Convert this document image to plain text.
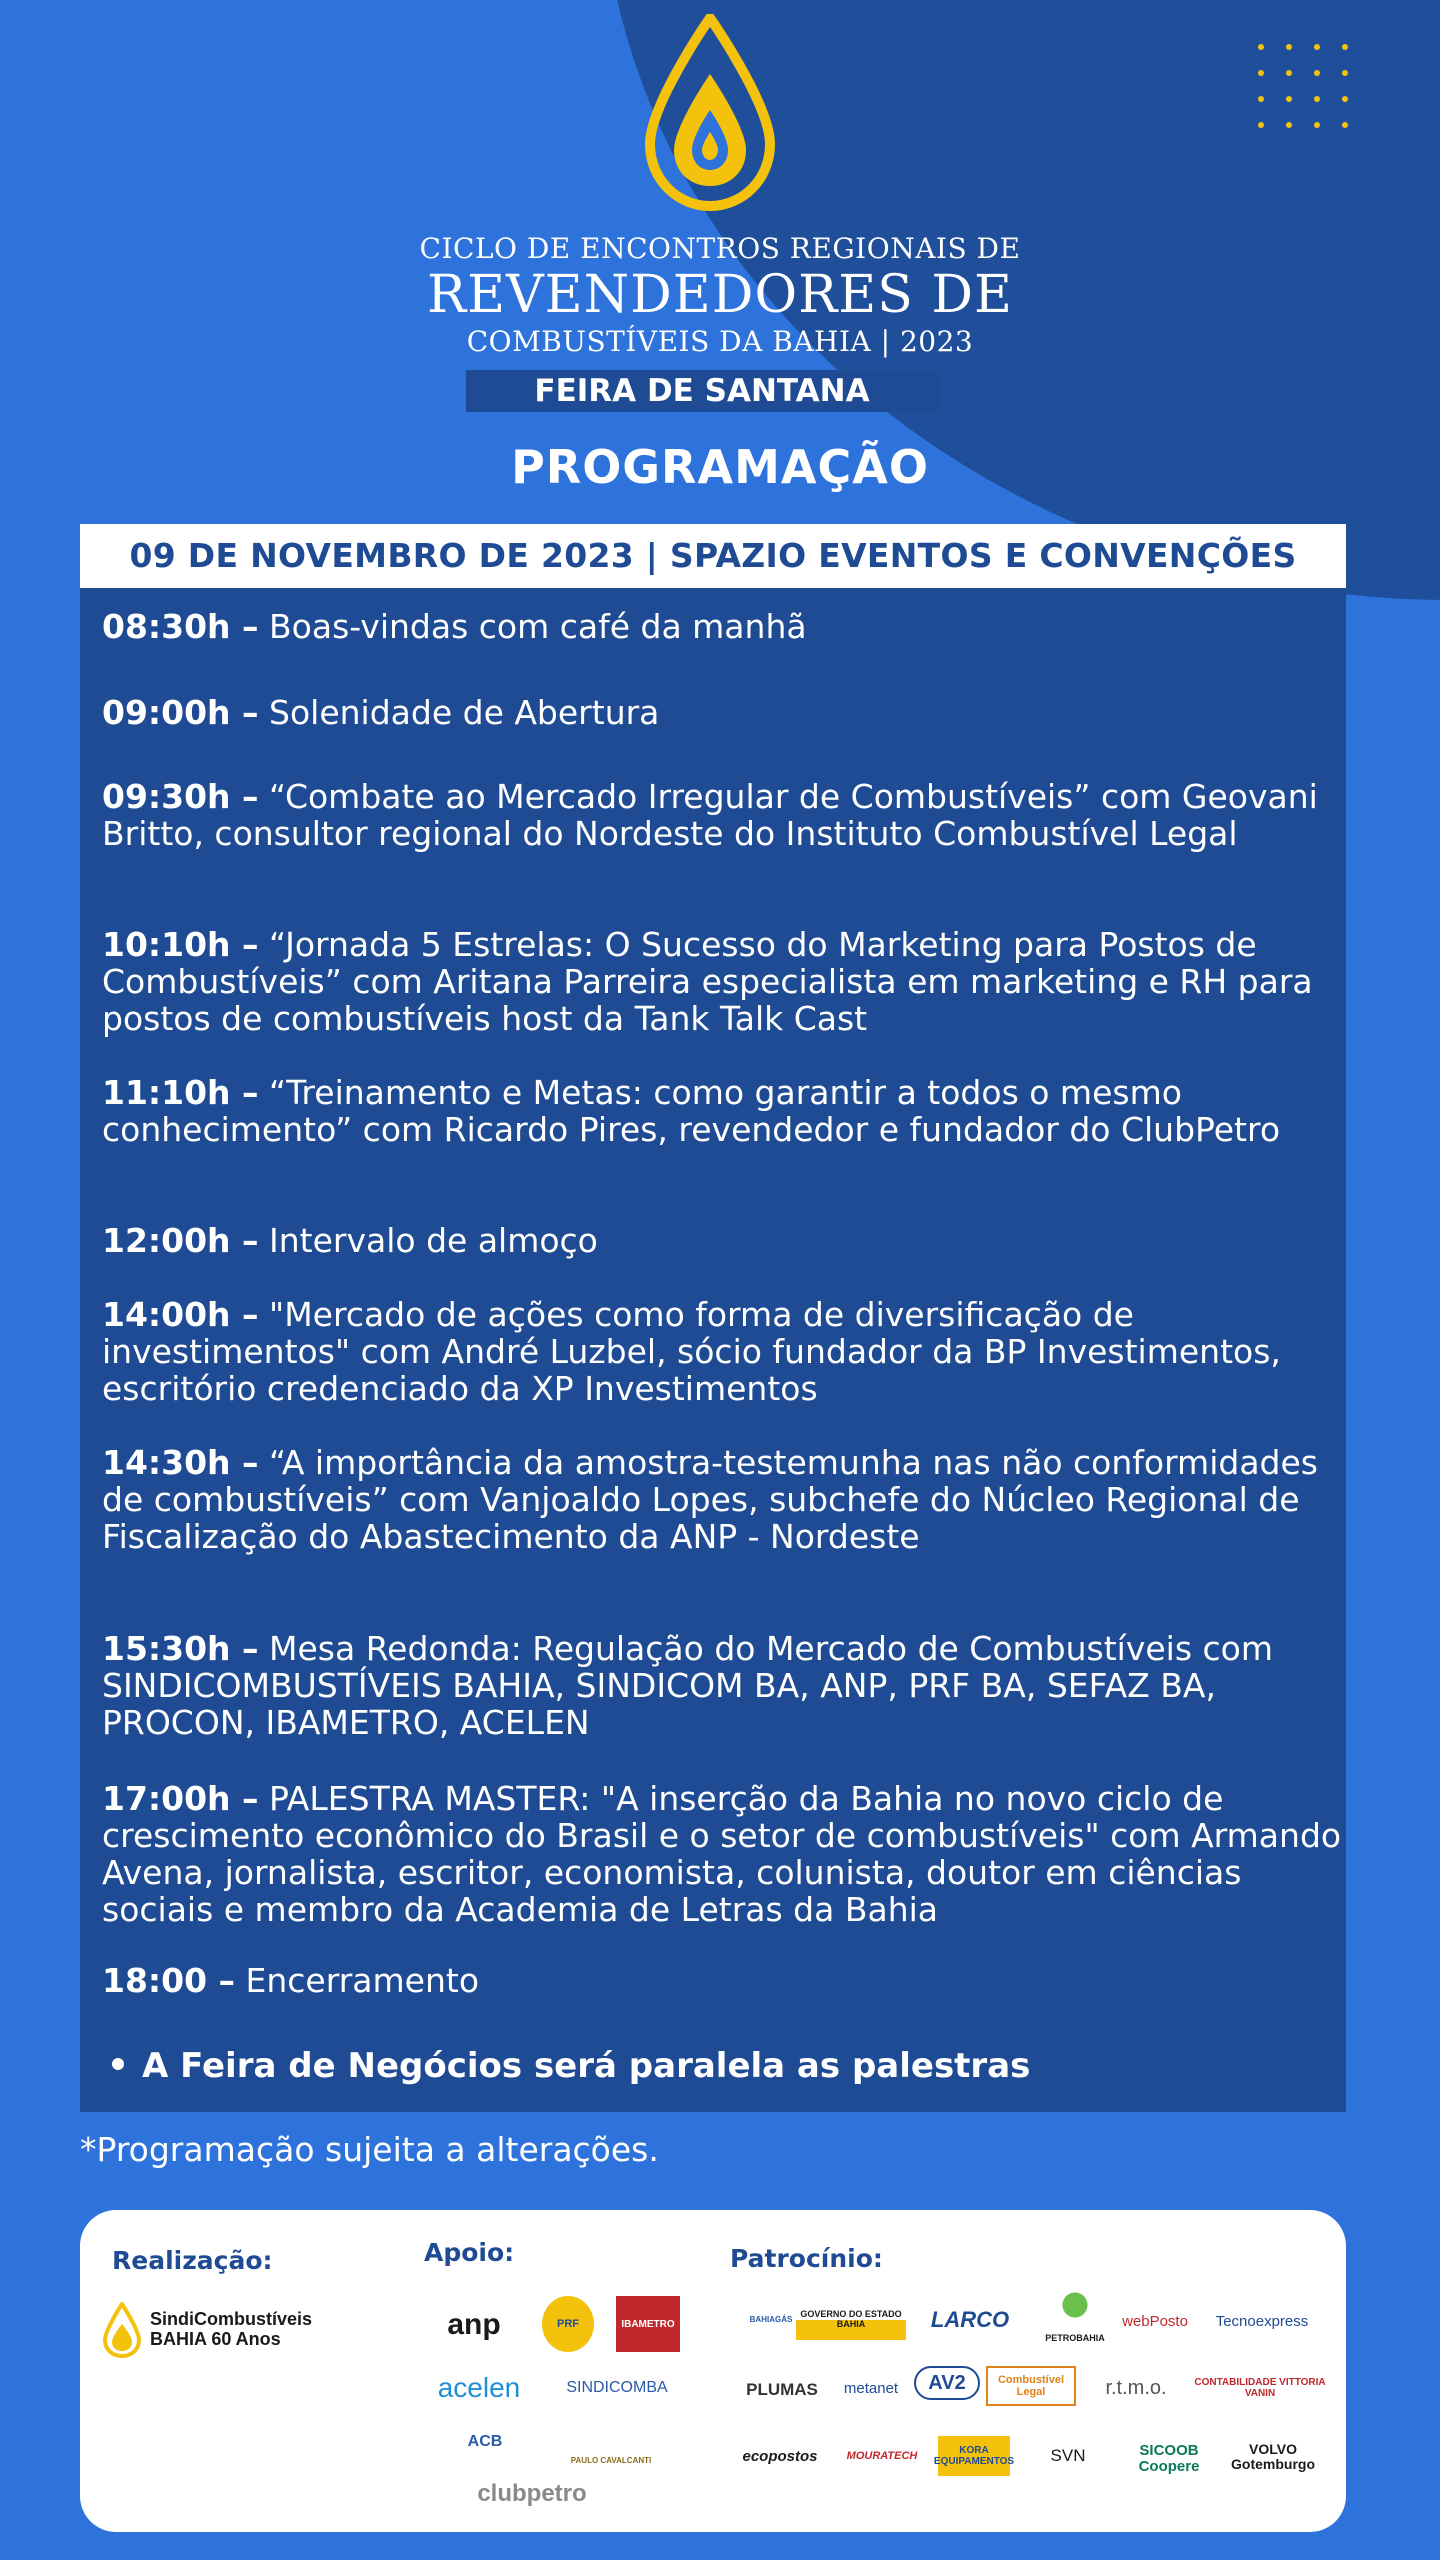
CICLO DE ENCONTROS REGIONAIS DE
REVENDEDORES DE
COMBUSTÍVEIS DA BAHIA | 2023
FEIRA DE SANTANA
PROGRAMAÇÃO
09 DE NOVEMBRO DE 2023 | SPAZIO EVENTOS E CONVENÇÕES
08:30h – Boas-vindas com café da manhã
09:00h – Solenidade de Abertura
09:30h – “Combate ao Mercado Irregular de Combustíveis” com Geovani Britto, consultor regional do Nordeste do Instituto Combustível Legal
10:10h – “Jornada 5 Estrelas: O Sucesso do Marketing para Postos de Combustíveis” com Aritana Parreira especialista em marketing e RH para postos de combustíveis host da Tank Talk Cast
11:10h – “Treinamento e Metas: como garantir a todos o mesmo conhecimento” com Ricardo Pires, revendedor e fundador do ClubPetro
12:00h – Intervalo de almoço
14:00h – "Mercado de ações como forma de diversificação de investimentos" com André Luzbel, sócio fundador da BP Investimentos, escritório credenciado da XP Investimentos
14:30h – “A importância da amostra-testemunha nas não conformidades de combustíveis” com Vanjoaldo Lopes, subchefe do Núcleo Regional de Fiscalização do Abastecimento da ANP - Nordeste
15:30h – Mesa Redonda: Regulação do Mercado de Combustíveis com SINDICOMBUSTÍVEIS BAHIA, SINDICOM BA, ANP, PRF BA, SEFAZ BA, PROCON, IBAMETRO, ACELEN
17:00h – PALESTRA MASTER: "A inserção da Bahia no novo ciclo de crescimento econômico do Brasil e o setor de combustíveis" com Armando Avena, jornalista, escritor, economista, colunista, doutor em ciências sociais e membro da Academia de Letras da Bahia
18:00 – Encerramento
A Feira de Negócios será paralela as palestras
*Programação sujeita a alterações.
Realização:	Apoio:	Patrocínio:
SindiCombustíveis BAHIA 60 Anos	anp	PRF	IBAMETRO
acelen	SINDICOMBA
ACB
PAULO CAVALCANTI
clubpetro
BAHIAGÁS GOVERNO DO ESTADO BAHIA	LARCO
PETROBAHIA
webPosto	Tecnoexpress
PLUMAS	metanet	AV2	Combustível Legal	r.t.m.o.	CONTABILIDADE VITTORIA VANIN
ecopostos	MOURATECH	KORA EQUIPAMENTOS	SVN	SICOOB Coopere
VOLVO Gotemburgo
